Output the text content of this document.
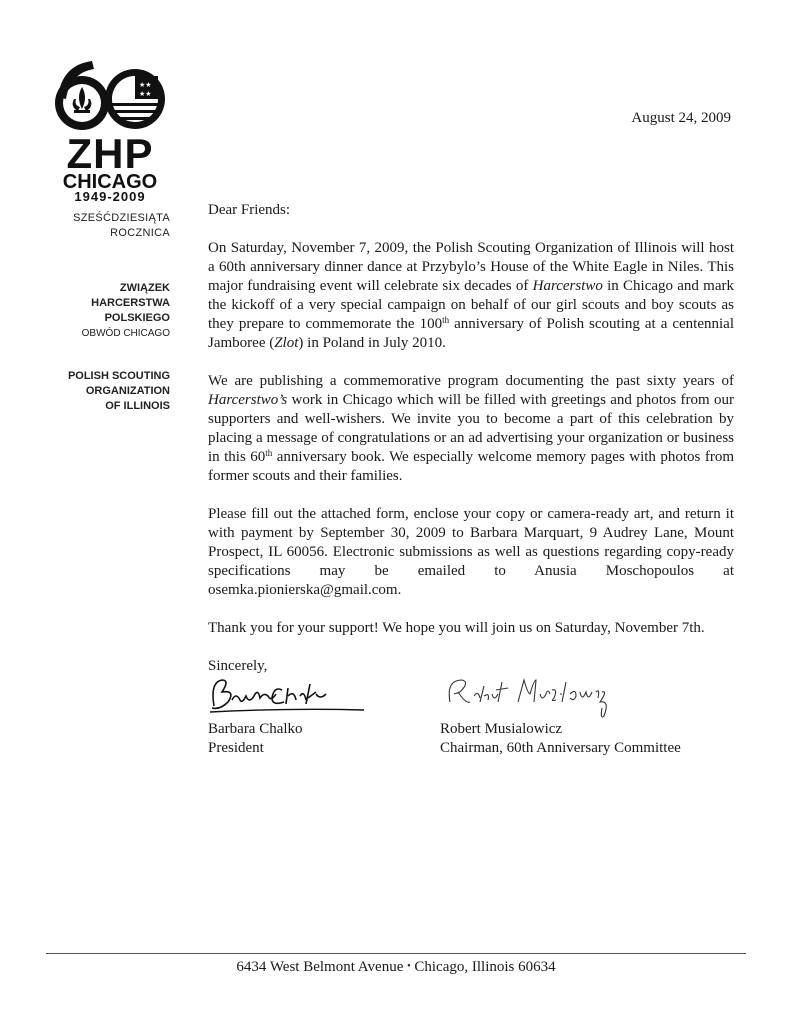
★★
★★
ZHP
CHICAGO
1949-2009
SZEŚĆDZIESIĄTA
ROCZNICA
ZWIĄZEK
HARCERSTWA
POLSKIEGO
OBWÓD CHICAGO
POLISH SCOUTING
ORGANIZATION
OF ILLINOIS
August 24, 2009

Dear Friends:

On Saturday, November 7, 2009, the Polish Scouting Organization of Illinois will host a 60th anniversary dinner dance at Przybylo’s House of the White Eagle in Niles. This major fundraising event will celebrate six decades of Harcerstwo in Chicago and mark the kickoff of a very special campaign on behalf of our girl scouts and boy scouts as they prepare to commemorate the 100th anniversary of Polish scouting at a centennial Jamboree (Zlot) in Poland in July 2010.

We are publishing a commemorative program documenting the past sixty years of Harcerstwo’s work in Chicago which will be filled with greetings and photos from our supporters and well-wishers. We invite you to become a part of this celebration by placing a message of congratulations or an ad advertising your organization or business in this 60th anniversary book. We especially welcome memory pages with photos from former scouts and their families.

Please fill out the attached form, enclose your copy or camera-ready art, and return it with payment by September 30, 2009 to Barbara Marquart, 9 Audrey Lane, Mount Prospect, IL 60056. Electronic submissions as well as questions regarding copy-ready specifications may be emailed to Anusia Moschopoulos at osemka.pionierska@gmail.com.

Thank you for your support! We hope you will join us on Saturday, November 7th.

Sincerely,

Barbara Chalko
President
Robert Musialowicz
Chairman, 60th Anniversary Committee
6434 West Belmont Avenue • Chicago, Illinois 60634
